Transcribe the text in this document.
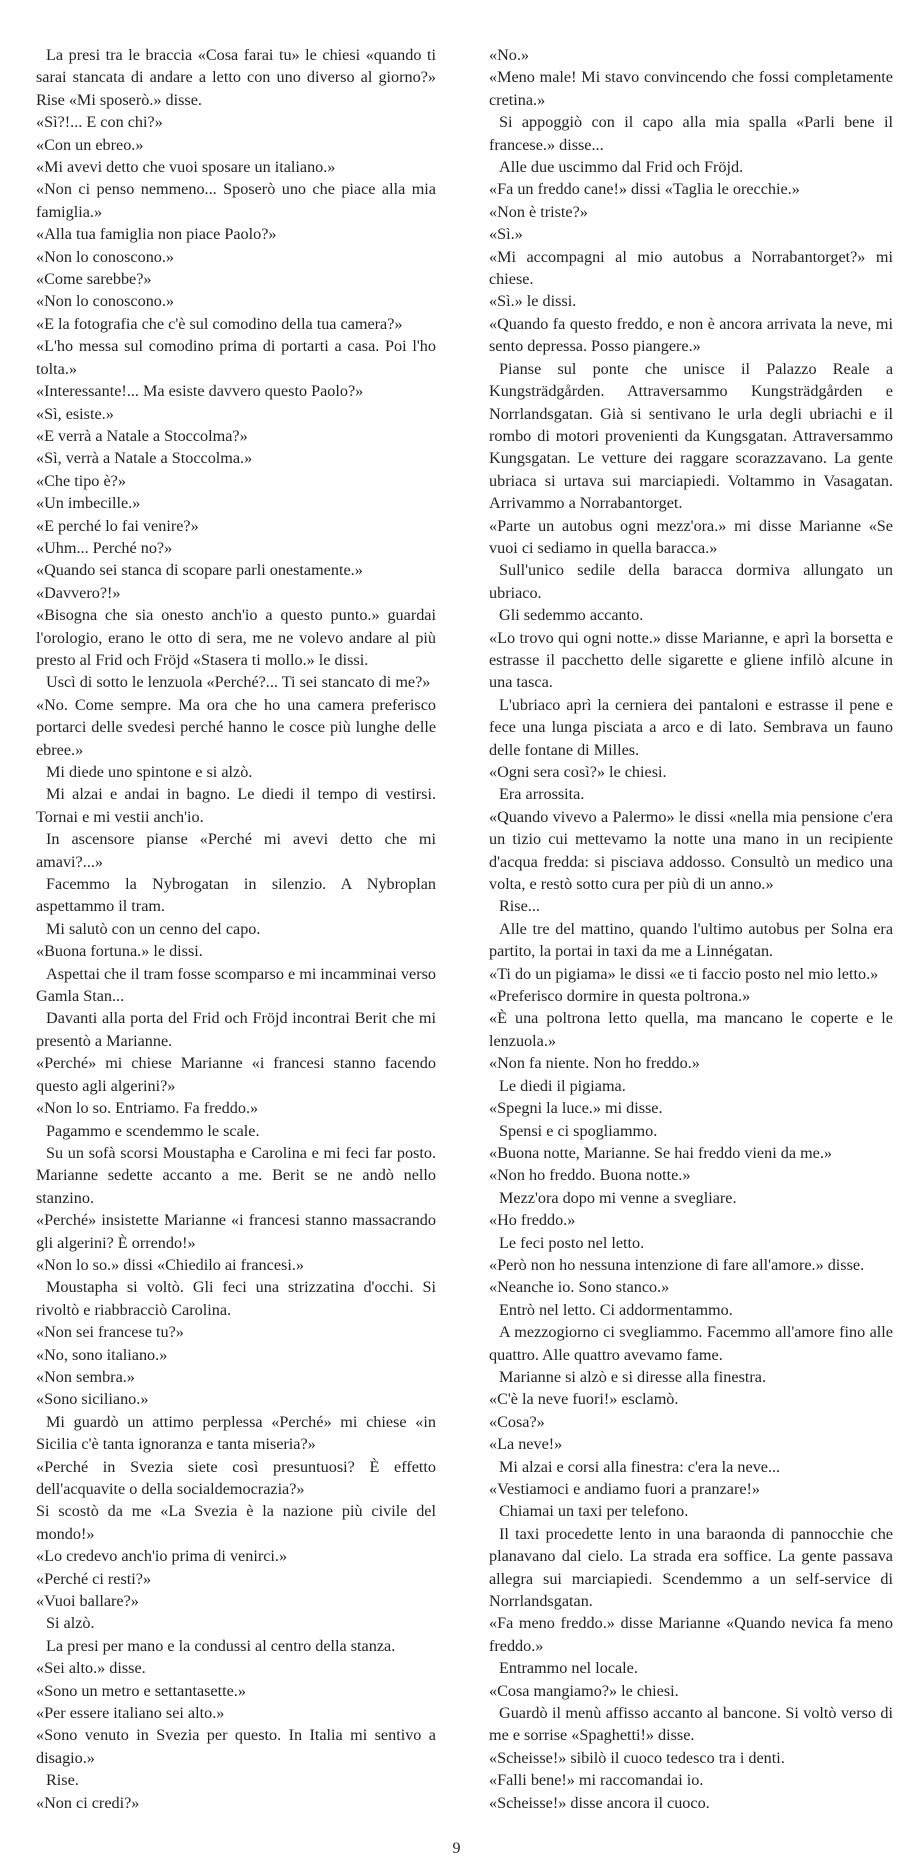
La presi tra le braccia «Cosa farai tu» le chiesi «quando ti sarai stancata di andare a letto con uno diverso al giorno?» Rise «Mi sposerò.» disse.

«Sì?!... E con chi?»

«Con un ebreo.»

«Mi avevi detto che vuoi sposare un italiano.»

«Non ci penso nemmeno... Sposerò uno che piace alla mia famiglia.»

«Alla tua famiglia non piace Paolo?»

«Non lo conoscono.»

«Come sarebbe?»

«Non lo conoscono.»

«E la fotografia che c'è sul comodino della tua camera?»

«L'ho messa sul comodino prima di portarti a casa. Poi l'ho tolta.»

«Interessante!... Ma esiste davvero questo Paolo?»

«Sì, esiste.»

«E verrà a Natale a Stoccolma?»

«Sì, verrà a Natale a Stoccolma.»

«Che tipo è?»

«Un imbecille.»

«E perché lo fai venire?»

«Uhm... Perché no?»

«Quando sei stanca di scopare parli onestamente.»

«Davvero?!»

«Bisogna che sia onesto anch'io a questo punto.» guardai l'orologio, erano le otto di sera, me ne volevo andare al più presto al Frid och Fröjd «Stasera ti mollo.» le dissi.

Uscì di sotto le lenzuola «Perché?... Ti sei stancato di me?»

«No. Come sempre. Ma ora che ho una camera preferisco portarci delle svedesi perché hanno le cosce più lunghe delle ebree.»

Mi diede uno spintone e si alzò.

Mi alzai e andai in bagno. Le diedi il tempo di vestirsi. Tornai e mi vestii anch'io.

In ascensore pianse «Perché mi avevi detto che mi amavi?...»

Facemmo la Nybrogatan in silenzio. A Nybroplan aspettammo il tram.

Mi salutò con un cenno del capo.

«Buona fortuna.» le dissi.

Aspettai che il tram fosse scomparso e mi incamminai verso Gamla Stan...

Davanti alla porta del Frid och Fröjd incontrai Berit che mi presentò a Marianne.

«Perché» mi chiese Marianne «i francesi stanno facendo questo agli algerini?»

«Non lo so. Entriamo. Fa freddo.»

Pagammo e scendemmo le scale.

Su un sofà scorsi Moustapha e Carolina e mi feci far posto. Marianne sedette accanto a me. Berit se ne andò nello stanzino.

«Perché» insistette Marianne «i francesi stanno massacrando gli algerini? È orrendo!»

«Non lo so.» dissi «Chiedilo ai francesi.»

Moustapha si voltò. Gli feci una strizzatina d'occhi. Si rivoltò e riabbracciò Carolina.

«Non sei francese tu?»

«No, sono italiano.»

«Non sembra.»

«Sono siciliano.»

Mi guardò un attimo perplessa «Perché» mi chiese «in Sicilia c'è tanta ignoranza e tanta miseria?»

«Perché in Svezia siete così presuntuosi? È effetto dell'acquavite o della socialdemocrazia?»

Si scostò da me «La Svezia è la nazione più civile del mondo!»

«Lo credevo anch'io prima di venirci.»

«Perché ci resti?»

«Vuoi ballare?»

Si alzò.

La presi per mano e la condussi al centro della stanza.

«Sei alto.» disse.

«Sono un metro e settantasette.»

«Per essere italiano sei alto.»

«Sono venuto in Svezia per questo. In Italia mi sentivo a disagio.»

Rise.

«Non ci credi?»

«No.»

«Meno male! Mi stavo convincendo che fossi completamente cretina.»

Si appoggiò con il capo alla mia spalla «Parli bene il francese.» disse...

Alle due uscimmo dal Frid och Fröjd.

«Fa un freddo cane!» dissi «Taglia le orecchie.»

«Non è triste?»

«Sì.»

«Mi accompagni al mio autobus a Norrabantorget?» mi chiese.

«Sì.» le dissi.

«Quando fa questo freddo, e non è ancora arrivata la neve, mi sento depressa. Posso piangere.»

Pianse sul ponte che unisce il Palazzo Reale a Kungsträdgården. Attraversammo Kungsträdgården e Norrlandsgatan. Già si sentivano le urla degli ubriachi e il rombo di motori provenienti da Kungsgatan. Attraversammo Kungsgatan. Le vetture dei raggare scorazzavano. La gente ubriaca si urtava sui marciapiedi. Voltammo in Vasagatan. Arrivammo a Norrabantorget.

«Parte un autobus ogni mezz'ora.» mi disse Marianne «Se vuoi ci sediamo in quella baracca.»

Sull'unico sedile della baracca dormiva allungato un ubriaco.

Gli sedemmo accanto.

«Lo trovo qui ogni notte.» disse Marianne, e aprì la borsetta e estrasse il pacchetto delle sigarette e gliene infilò alcune in una tasca.

L'ubriaco aprì la cerniera dei pantaloni e estrasse il pene e fece una lunga pisciata a arco e di lato. Sembrava un fauno delle fontane di Milles.

«Ogni sera così?» le chiesi.

Era arrossita.

«Quando vivevo a Palermo» le dissi «nella mia pensione c'era un tizio cui mettevamo la notte una mano in un recipiente d'acqua fredda: si pisciava addosso. Consultò un medico una volta, e restò sotto cura per più di un anno.»

Rise...

Alle tre del mattino, quando l'ultimo autobus per Solna era partito, la portai in taxi da me a Linnégatan.

«Ti do un pigiama» le dissi «e ti faccio posto nel mio letto.»

«Preferisco dormire in questa poltrona.»

«È una poltrona letto quella, ma mancano le coperte e le lenzuola.»

«Non fa niente. Non ho freddo.»

Le diedi il pigiama.

«Spegni la luce.» mi disse.

Spensi e ci spogliammo.

«Buona notte, Marianne. Se hai freddo vieni da me.»

«Non ho freddo. Buona notte.»

Mezz'ora dopo mi venne a svegliare.

«Ho freddo.»

Le feci posto nel letto.

«Però non ho nessuna intenzione di fare all'amore.» disse.

«Neanche io. Sono stanco.»

Entrò nel letto. Ci addormentammo.

A mezzogiorno ci svegliammo. Facemmo all'amore fino alle quattro. Alle quattro avevamo fame.

Marianne si alzò e si diresse alla finestra.

«C'è la neve fuori!» esclamò.

«Cosa?»

«La neve!»

Mi alzai e corsi alla finestra: c'era la neve...

«Vestiamoci e andiamo fuori a pranzare!»

Chiamai un taxi per telefono.

Il taxi procedette lento in una baraonda di pannocchie che planavano dal cielo. La strada era soffice. La gente passava allegra sui marciapiedi. Scendemmo a un self-service di Norrlandsgatan.

«Fa meno freddo.» disse Marianne «Quando nevica fa meno freddo.»

Entrammo nel locale.

«Cosa mangiamo?» le chiesi.

Guardò il menù affisso accanto al bancone. Si voltò verso di me e sorrise «Spaghetti!» disse.

«Scheisse!» sibilò il cuoco tedesco tra i denti.

«Falli bene!» mi raccomandai io.

«Scheisse!» disse ancora il cuoco.

9
